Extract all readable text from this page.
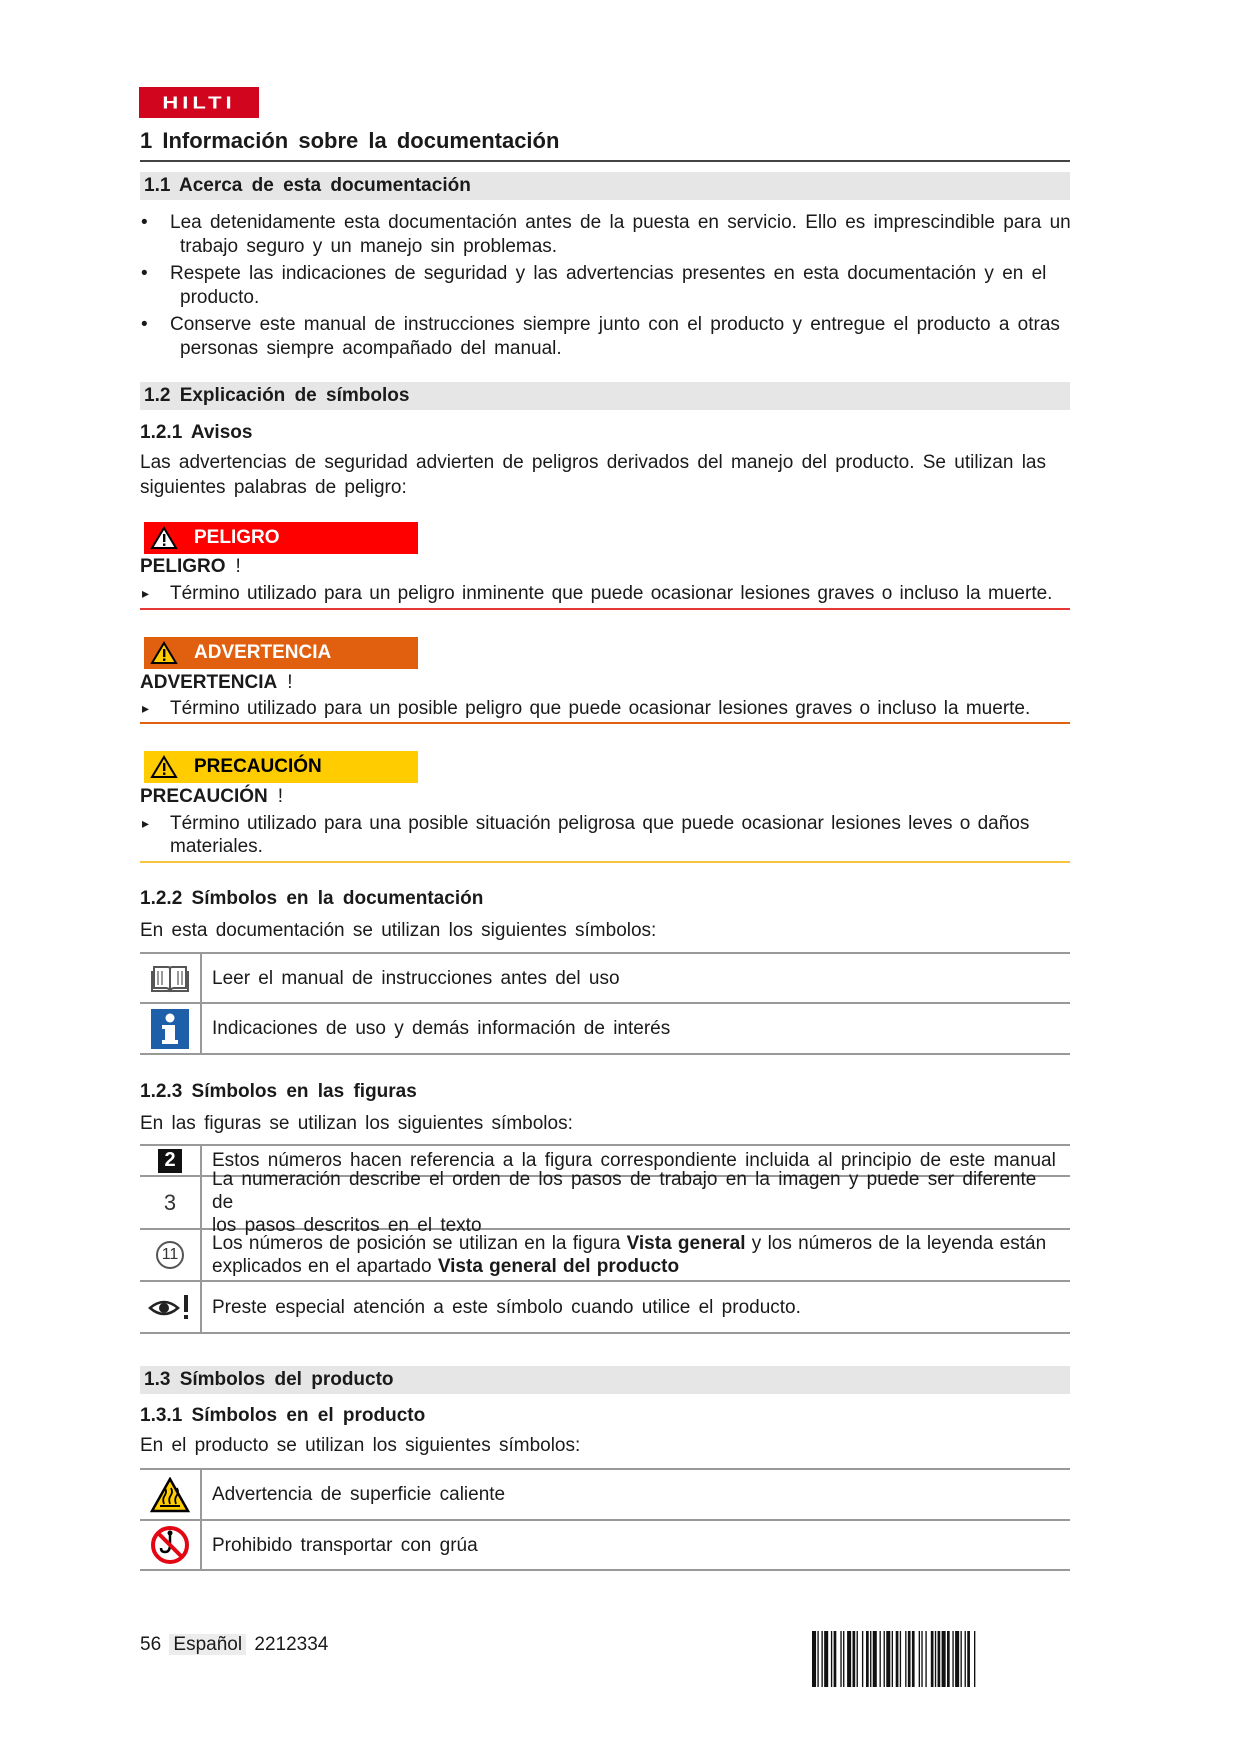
HILTI
1 Información sobre la documentación
1.1 Acerca de esta documentación
• Lea detenidamente esta documentación antes de la puesta en servicio. Ello es imprescindible para un
trabajo seguro y un manejo sin problemas.
• Respete las indicaciones de seguridad y las advertencias presentes en esta documentación y en el
producto.
• Conserve este manual de instrucciones siempre junto con el producto y entregue el producto a otras
personas siempre acompañado del manual.
1.2 Explicación de símbolos
1.2.1 Avisos
Las advertencias de seguridad advierten de peligros derivados del manejo del producto. Se utilizan las
siguientes palabras de peligro:
PELIGRO
PELIGRO !
▸ Término utilizado para un peligro inminente que puede ocasionar lesiones graves o incluso la muerte.
ADVERTENCIA
ADVERTENCIA !
▸ Término utilizado para un posible peligro que puede ocasionar lesiones graves o incluso la muerte.
PRECAUCIÓN
PRECAUCIÓN !
▸ Término utilizado para una posible situación peligrosa que puede ocasionar lesiones leves o daños
materiales.
1.2.2 Símbolos en la documentación
En esta documentación se utilizan los siguientes símbolos:
Leer el manual de instrucciones antes del uso
Indicaciones de uso y demás información de interés
1.2.3 Símbolos en las figuras
En las figuras se utilizan los siguientes símbolos:
2	Estos números hacen referencia a la figura correspondiente incluida al principio de este manual
3
La numeración describe el orden de los pasos de trabajo en la imagen y puede ser diferente de
los pasos descritos en el texto
11
Los números de posición se utilizan en la figura Vista general y los números de la leyenda están
explicados en el apartado Vista general del producto
Preste especial atención a este símbolo cuando utilice el producto.
1.3 Símbolos del producto
1.3.1 Símbolos en el producto
En el producto se utilizan los siguientes símbolos:
Advertencia de superficie caliente
Prohibido transportar con grúa
56 Español 2212334
